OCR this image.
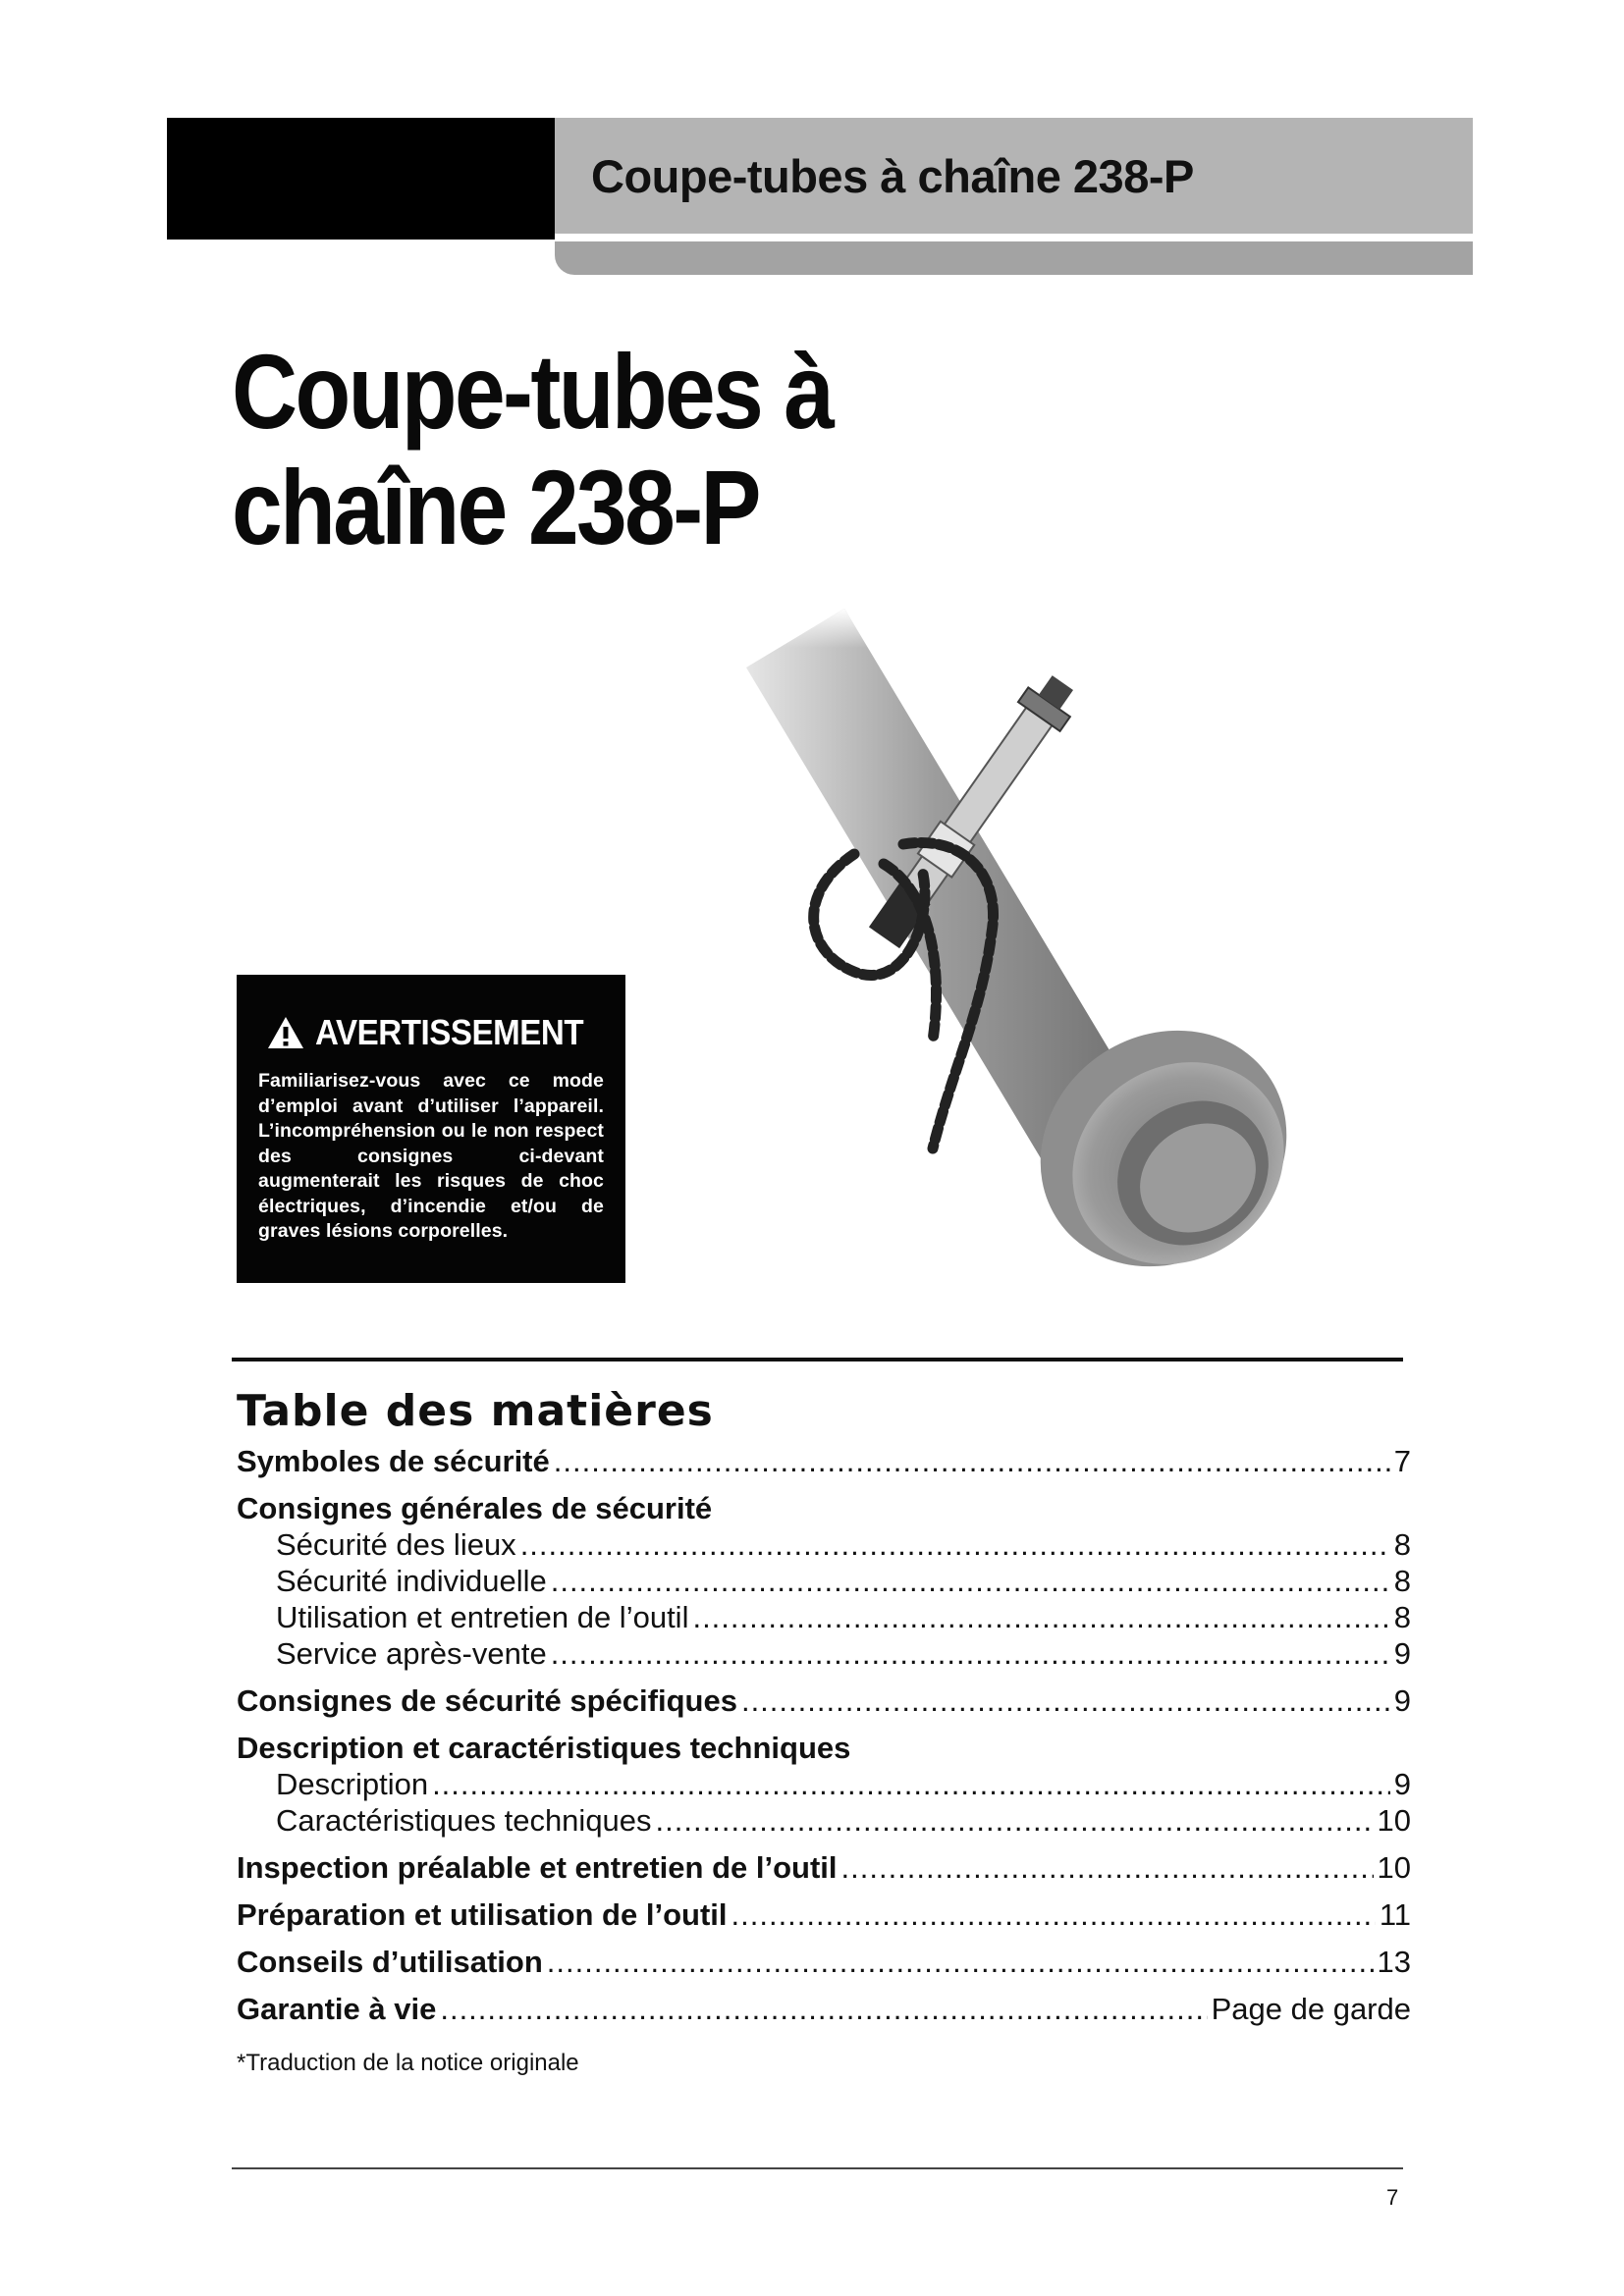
Coupe-tubes à chaîne 238-P
Coupe-tubes à
chaîne 238-P
AVERTISSEMENT
Familiarisez-vous avec ce mode d’emploi avant d’utiliser l’appareil. L’incompréhension ou le non respect des consignes ci-devant augmenterait les risques de choc électriques, d’incendie et/ou de graves lésions corporelles.
Table des matières
Symboles de sécurité .....	7
Consignes générales de sécurité
Sécurité des lieux .....	8
Sécurité individuelle .....	8
Utilisation et entretien de l’outil .....	8
Service après-vente .....	9
Consignes de sécurité spécifiques .....	9
Description et caractéristiques techniques
Description .....	9
Caractéristiques techniques .....	10
Inspection préalable et entretien de l’outil .....	10
Préparation et utilisation de l’outil .....	11
Conseils d’utilisation .....	13
Garantie à vie .....	Page de garde
*Traduction de la notice originale
7
